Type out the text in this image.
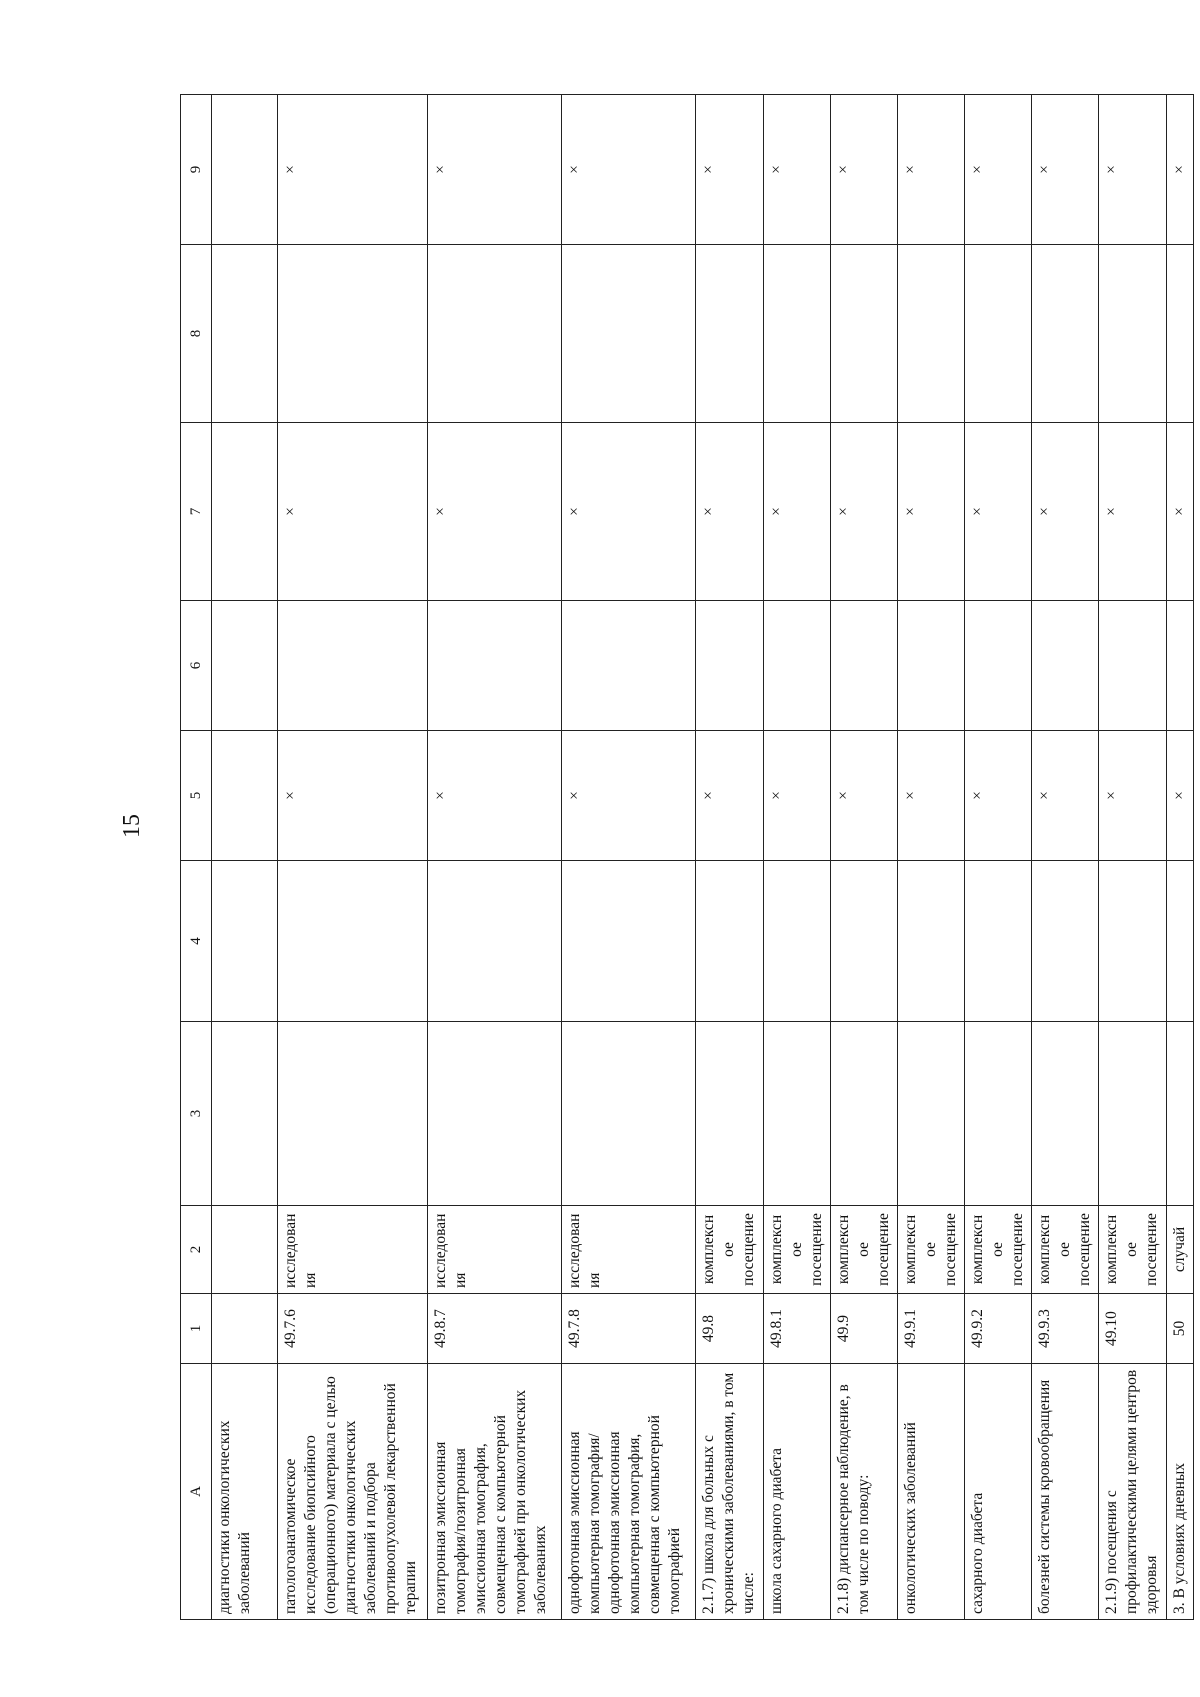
15
А	1	2	3	4	5	6	7	8	9
диагностики онкологических заболеваний									
патологоанатомическое исследование биопсийного (операционного) материала с целью диагностики онкологических заболеваний и подбора противоопухолевой лекарственной терапии	49.7.6	исследования			×		×		×
позитронная эмиссионная томография/позитронная эмиссионная томография, совмещенная с компьютерной томографией при онкологических заболеваниях	49.8.7	исследования			×		×		×
однофотонная эмиссионная компьютерная томография/ однофотонная эмиссионная компьютерная томография, совмещенная с компьютерной томографией	49.7.8	исследования			×		×		×
2.1.7) школа для больных с хроническими заболеваниями, в том числе:	49.8	комплексное посещение			×		×		×
школа сахарного диабета	49.8.1	комплексное посещение			×		×		×
2.1.8) диспансерное наблюдение, в том числе по поводу:	49.9	комплексное посещение			×		×		×
онкологических заболеваний	49.9.1	комплексное посещение			×		×		×
сахарного диабета	49.9.2	комплексное посещение			×		×		×
болезней системы кровообращения	49.9.3	комплексное посещение			×		×		×
2.1.9) посещения с профилактическими целями центров здоровья	49.10	комплексное посещение			×		×		×
3. В условиях дневных	50	случай			×		×		×
